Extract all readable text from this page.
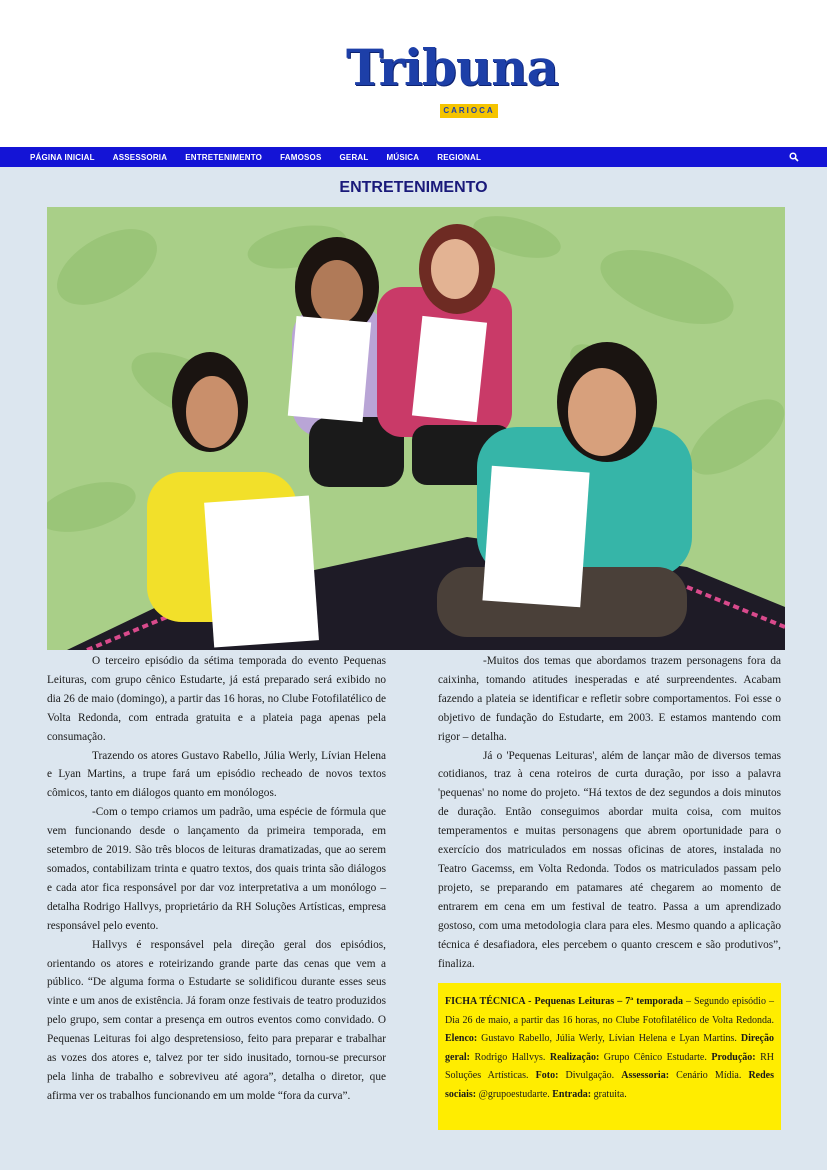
Tribuna
CARIOCA
PÁGINA INICIAL ASSESSORIA ENTRETENIMENTO FAMOSOS GERAL MÚSICA REGIONAL
ENTRETENIMENTO

O terceiro episódio da sétima temporada do evento Pequenas Leituras, com grupo cênico Estudarte, já está preparado será exibido no dia 26 de maio (domingo), a partir das 16 horas, no Clube Fotofilatélico de Volta Redonda, com entrada gratuita e a plateia paga apenas pela consumação.

Trazendo os atores Gustavo Rabello, Júlia Werly, Lívian Helena e Lyan Martins, a trupe fará um episódio recheado de novos textos cômicos, tanto em diálogos quanto em monólogos.

-Com o tempo criamos um padrão, uma espécie de fórmula que vem funcionando desde o lançamento da primeira temporada, em setembro de 2019. São três blocos de leituras dramatizadas, que ao serem somados, contabilizam trinta e quatro textos, dos quais trinta são diálogos e cada ator fica responsável por dar voz interpretativa a um monólogo – detalha Rodrigo Hallvys, proprietário da RH Soluções Artísticas, empresa responsável pelo evento.

Hallvys é responsável pela direção geral dos episódios, orientando os atores e roteirizando grande parte das cenas que vem a público. “De alguma forma o Estudarte se solidificou durante esses seus vinte e um anos de existência. Já foram onze festivais de teatro produzidos pelo grupo, sem contar a presença em outros eventos como convidado. O Pequenas Leituras foi algo despretensioso, feito para preparar e trabalhar as vozes dos atores e, talvez por ter sido inusitado, tornou-se precursor pela linha de trabalho e sobreviveu até agora”, detalha o diretor, que afirma ver os trabalhos funcionando em um molde “fora da curva”.

-Muitos dos temas que abordamos trazem personagens fora da caixinha, tomando atitudes inesperadas e até surpreendentes. Acabam fazendo a plateia se identificar e refletir sobre comportamentos. Foi esse o objetivo de fundação do Estudarte, em 2003. E estamos mantendo com rigor – detalha.

Já o 'Pequenas Leituras', além de lançar mão de diversos temas cotidianos, traz à cena roteiros de curta duração, por isso a palavra 'pequenas' no nome do projeto. “Há textos de dez segundos a dois minutos de duração. Então conseguimos abordar muita coisa, com muitos temperamentos e muitas personagens que abrem oportunidade para o exercício dos matriculados em nossas oficinas de atores, instalada no Teatro Gacemss, em Volta Redonda. Todos os matriculados passam pelo projeto, se preparando em patamares até chegarem ao momento de entrarem em cena em um festival de teatro. Passa a um aprendizado gostoso, com uma metodologia clara para eles. Mesmo quando a aplicação técnica é desafiadora, eles percebem o quanto crescem e são produtivos”, finaliza.

FICHA TÉCNICA - Pequenas Leituras – 7ª temporada – Segundo episódio – Dia 26 de maio, a partir das 16 horas, no Clube Fotofilatélico de Volta Redonda. Elenco: Gustavo Rabello, Júlia Werly, Lívian Helena e Lyan Martins. Direção geral: Rodrigo Hallvys. Realização: Grupo Cênico Estudarte. Produção: RH Soluções Artísticas. Foto: Divulgação. Assessoria: Cenário Mídia. Redes sociais: @grupoestudarte. Entrada: gratuita.
